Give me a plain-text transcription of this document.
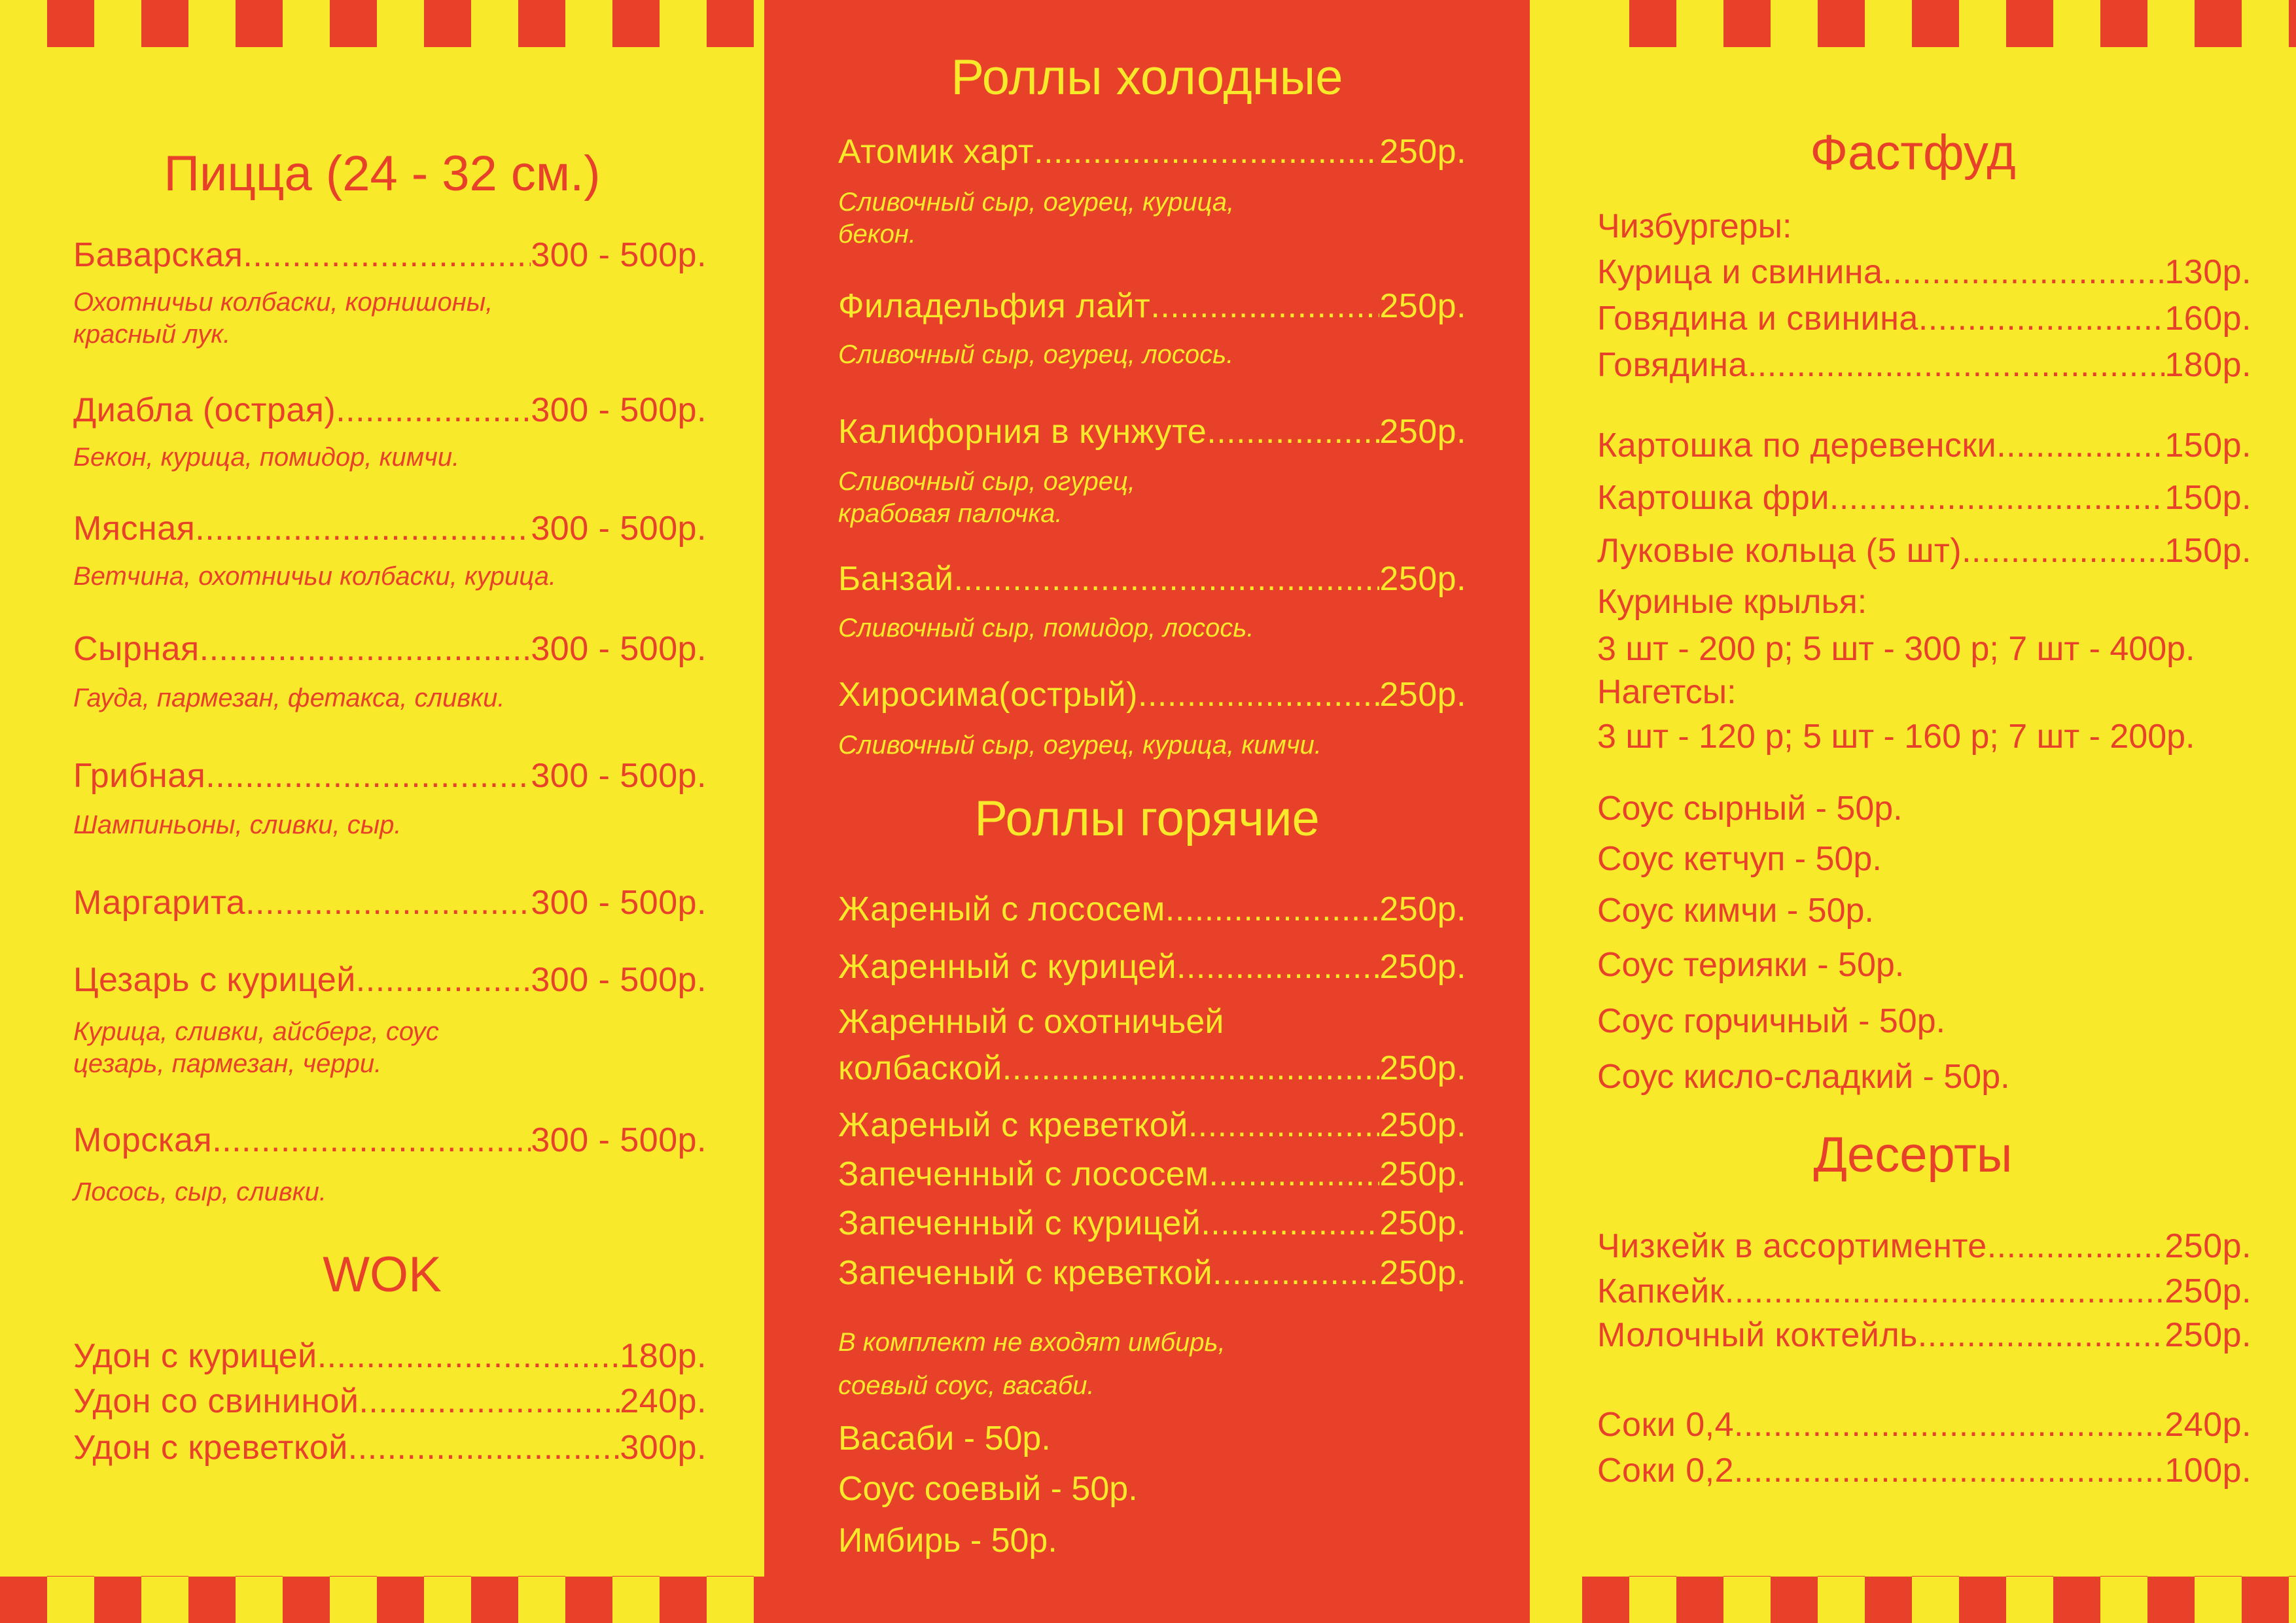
Пицца (24 - 32 см.)
Баварская .....	300 - 500р.
Охотничьи колбаски, корнишоны,
красный лук.
Диабла (острая) .....	300 - 500р.
Бекон, курица, помидор, кимчи.
Мясная .....	300 - 500р.
Ветчина, охотничьи колбаски, курица.
Сырная .....	300 - 500р.
Гауда, пармезан, фетакса, сливки.
Грибная .....	300 - 500р.
Шампиньоны, сливки, сыр.
Маргарита .....	300 - 500р.
Цезарь с курицей .....	300 - 500р.
Курица, сливки, айсберг, соус
цезарь, пармезан, черри.
Морская .....	300 - 500р.
Лосось, сыр, сливки.
WOK
Удон с курицей .....	180р.
Удон со свининой .....	240р.
Удон с креветкой .....	300р.
Роллы холодные
Атомик харт .....	250р.
Сливочный сыр, огурец, курица,
бекон.
Филадельфия лайт .....	250р.
Сливочный сыр, огурец, лосось.
Калифорния в кунжуте .....	250р.
Сливочный сыр, огурец,
крабовая палочка.
Банзай .....	250р.
Сливочный сыр, помидор, лосось.
Хиросима(острый) .....	250р.
Сливочный сыр, огурец, курица, кимчи.
Роллы горячие
Жареный с лососем .....	250р.
Жаренный с курицей .....	250р.
Жаренный с охотничьей
колбаской .....	250р.
Жареный с креветкой .....	250р.
Запеченный с лососем .....	250р.
Запеченный с курицей .....	250р.
Запеченый с креветкой .....	250р.
В комплект не входят имбирь,
соевый соус, васаби.
Васаби - 50р.
Соус соевый - 50р.
Имбирь - 50р.
Фастфуд
Чизбургеры:
Курица и свинина .....	130р.
Говядина и свинина .....	160р.
Говядина .....	180р.
Картошка по деревенски .....	150р.
Картошка фри .....	150р.
Луковые кольца (5 шт) .....	150р.
Куриные крылья:
3 шт - 200 р; 5 шт - 300 р; 7 шт - 400р.
Нагетсы:
3 шт - 120 р; 5 шт - 160 р; 7 шт - 200р.
Соус сырный - 50р.
Соус кетчуп - 50р.
Соус кимчи - 50р.
Соус терияки - 50р.
Соус горчичный - 50р.
Соус кисло-сладкий - 50р.
Десерты
Чизкейк в ассортименте .....	250р.
Капкейк .....	250р.
Молочный коктейль .....	250р.
Соки 0,4 .....	240р.
Соки 0,2 .....	100р.
